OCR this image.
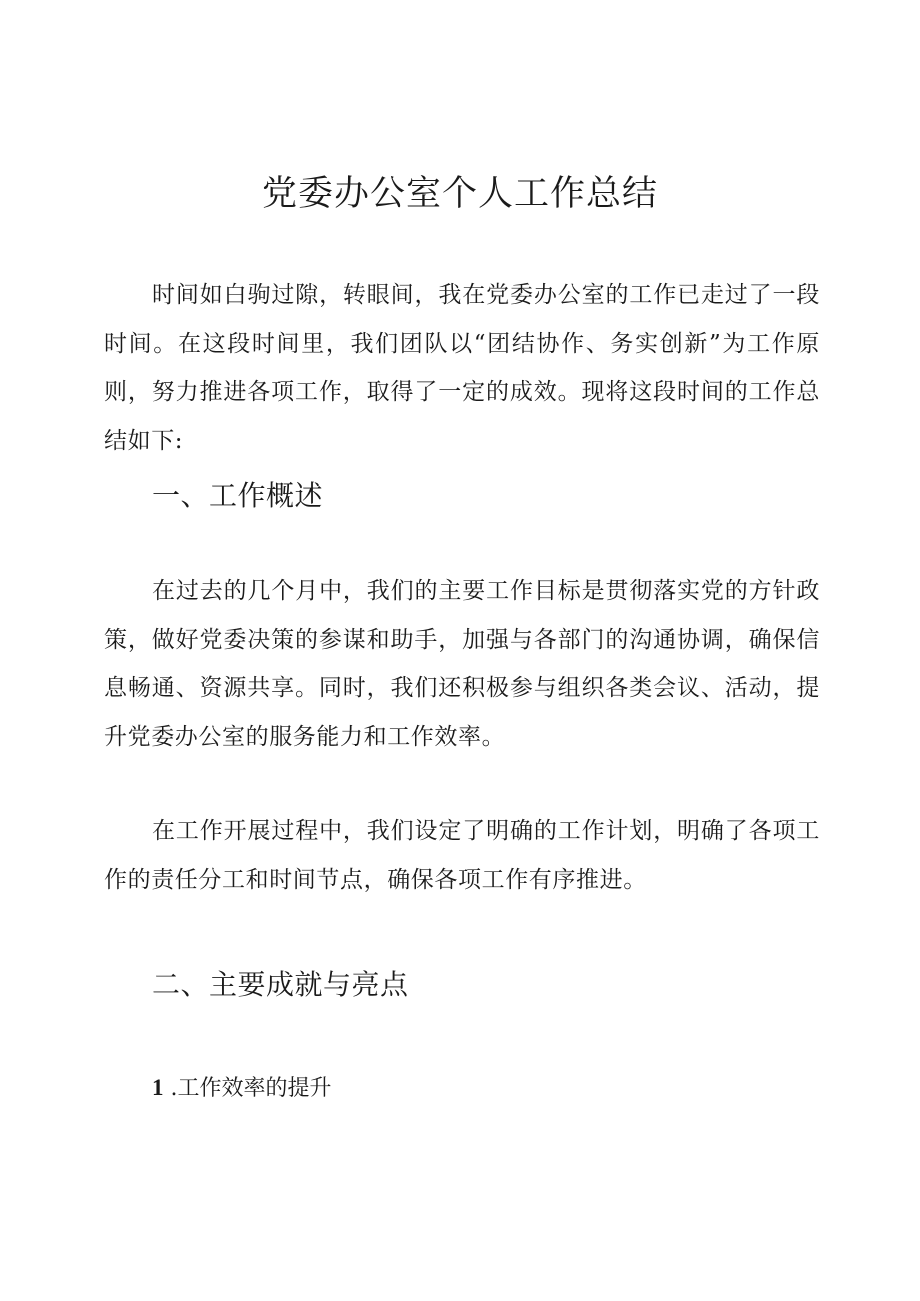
党委办公室个人工作总结

时间如白驹过隙，转眼间，我在党委办公室的工作已走过了一段时间。在这段时间里，我们团队以“团结协作、务实创新”为工作原则，努力推进各项工作，取得了一定的成效。现将这段时间的工作总结如下:

一、工作概述

在过去的几个月中，我们的主要工作目标是贯彻落实党的方针政策，做好党委决策的参谋和助手，加强与各部门的沟通协调，确保信息畅通、资源共享。同时，我们还积极参与组织各类会议、活动，提升党委办公室的服务能力和工作效率。

在工作开展过程中，我们设定了明确的工作计划，明确了各项工作的责任分工和时间节点，确保各项工作有序推进。

二、主要成就与亮点

1 .工作效率的提升
